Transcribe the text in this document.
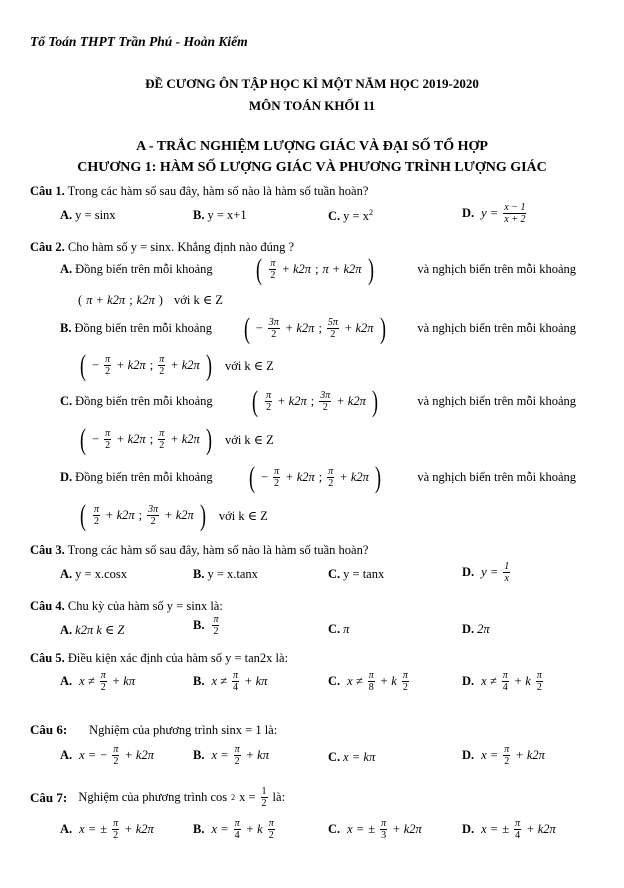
Tổ Toán THPT Trần Phú - Hoàn Kiếm
ĐỀ CƯƠNG ÔN TẬP HỌC KÌ MỘT NĂM HỌC 2019-2020
MÔN TOÁN KHỐI 11
A - TRẮC NGHIỆM LƯỢNG GIÁC VÀ ĐẠI SỐ TỔ HỢP
CHƯƠNG 1: HÀM SỐ LƯỢNG GIÁC VÀ PHƯƠNG TRÌNH LƯỢNG GIÁC
Câu 1. Trong các hàm số sau đây, hàm số nào là hàm số tuần hoàn?
A. y = sinx	B. y = x+1	C. $y = x^2$	D. $y = \frac{x - 1}{x + 2}$
Câu 2. Cho hàm số y = sinx. Khẳng định nào đúng ?
A. Đồng biến trên mỗi khoảng ( $\frac{\pi}{2} + k2\pi$ ; π + k2π )	và nghịch biến trên mỗi khoảng
( π + k2π ; k2π )
với k ∈ Z
B. Đồng biến trên mỗi khoảng ( − $\frac{3\pi}{2} + k2\pi$ ; $\frac{5\pi}{2} + k2\pi$ )	và nghịch biến trên mỗi khoảng
( − $\frac{\pi}{2} + k2\pi$ ; $\frac{\pi}{2} + k2\pi$ )
với k ∈ Z
C. Đồng biến trên mỗi khoảng ( $\frac{\pi}{2} + k2\pi$ ; $\frac{3\pi}{2} + k2\pi$ )	và nghịch biến trên mỗi khoảng
( − $\frac{\pi}{2} + k2\pi$ ; $\frac{\pi}{2} + k2\pi$ )
với k ∈ Z
D. Đồng biến trên mỗi khoảng ( − $\frac{\pi}{2} + k2\pi$ ; $\frac{\pi}{2} + k2\pi$ )	và nghịch biến trên mỗi khoảng
( $\frac{\pi}{2} + k2\pi$ ; $\frac{3\pi}{2} + k2\pi$ )
với k ∈ Z
Câu 3. Trong các hàm số sau đây, hàm số nào là hàm số tuần hoàn?
A. y = x.cosx	B. y = x.tanx	C. y = tanx	D. $y = \frac{1}{x}$
Câu 4. Chu kỳ của hàm số y = sinx là:
A. k2π k ∈ Z	B. $\frac{\pi}{2}$	C. π	D. 2π
Câu 5. Điều kiện xác định của hàm số y = tan2x là:
A. $x \ne \frac{\pi}{2} + k\pi$	B. $x \ne \frac{\pi}{4} + k\pi$	C. $x \ne \frac{\pi}{8} + k \frac{\pi}{2}$	D. $x \ne \frac{\pi}{4} + k \frac{\pi}{2}$
Câu 6: Nghiệm của phương trình sinx = 1 là:
A. x = − $\frac{\pi}{2} + k2\pi$	B. $x = \frac{\pi}{2} + k\pi$	C. x = kπ	D. $x = \frac{\pi}{2} + k2\pi$
Câu 7:
Nghiệm của phương trình cos 2 $x = \frac{1}{2}$ là:
A. x = ± $\frac{\pi}{2} + k2\pi$	B. $x = \frac{\pi}{4} + k \frac{\pi}{2}$	C. x = ± $\frac{\pi}{3} + k2\pi$	D. x = ± $\frac{\pi}{4} + k2\pi$
